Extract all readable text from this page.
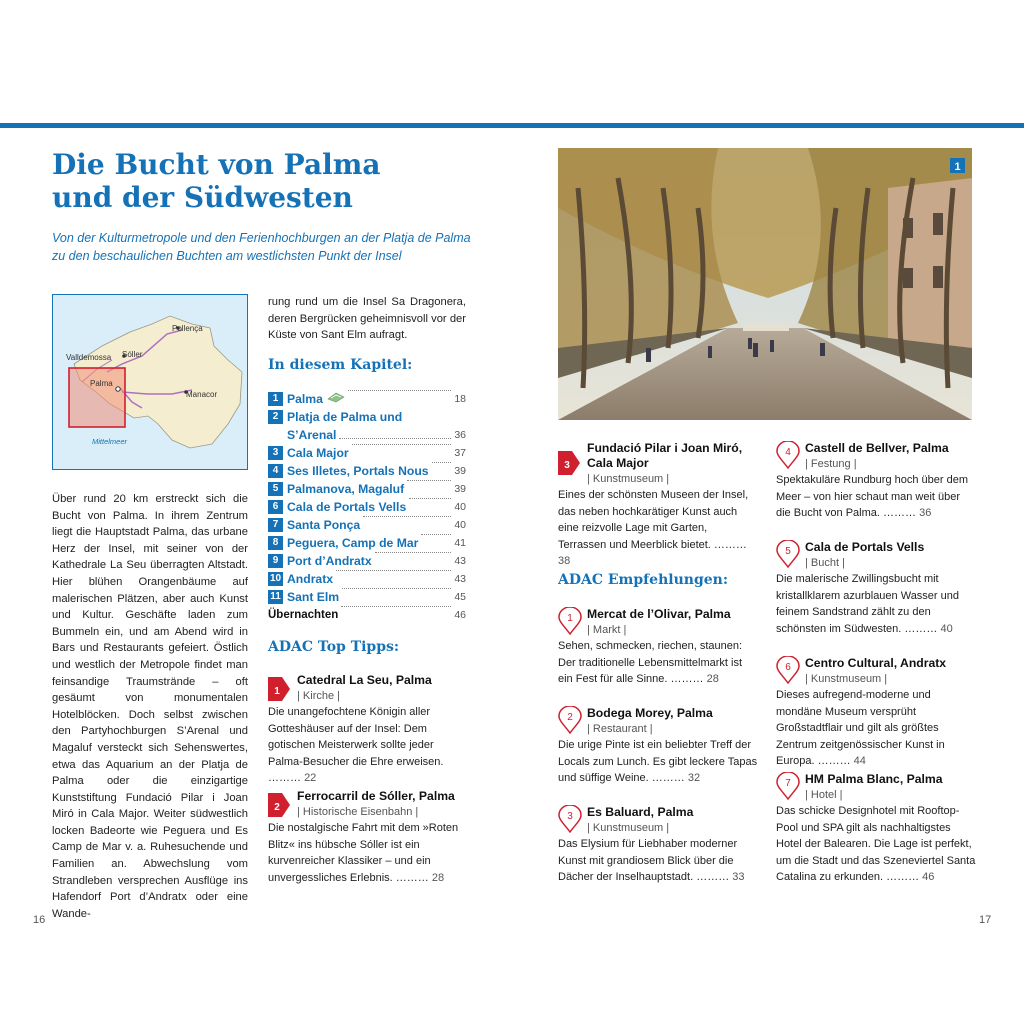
Die Bucht von Palma
und der Südwesten

Von der Kulturmetropole und den Ferienhochburgen an der Platja de Palma zu den beschaulichen Buchten am westlichsten Punkt der Insel

Pollença
Valldemossa Sóller
Palma
Manacor
Mittelmeer

Über rund 20 km erstreckt sich die Bucht von Palma. In ihrem Zentrum liegt die Hauptstadt Palma, das urbane Herz der Insel, mit seiner von der Kathedrale La Seu überragten Altstadt. Hier blühen Orangenbäume auf malerischen Plätzen, aber auch Kunst und Kultur. Geschäfte laden zum Bummeln ein, und am Abend wird in Bars und Restaurants gefeiert. Östlich und westlich der Metropole findet man feinsandige Traumstrände – oft gesäumt von monumentalen Hotelblöcken. Doch selbst zwischen den Partyhochburgen S’Arenal und Magaluf versteckt sich Sehenswertes, etwa das Aquarium an der Platja de Palma oder die einzigartige Kunststiftung Fundació Pilar i Joan Miró in Cala Major. Weiter südwestlich locken Badeorte wie Peguera und Es Camp de Mar v. a. Ruhesuchende und Familien an. Abwechslung vom Strandleben versprechen Ausflüge ins Hafendorf Port d’Andratx oder eine Wande-

rung rund um die Insel Sa Dragonera, deren Bergrücken geheimnisvoll vor der Küste von Sant Elm aufragt.

In diesem Kapitel:
1 Palma	18
2 Platja de Palma und
S’Arenal	36
3 Cala Major	37
4 Ses Illetes, Portals Nous 39
5 Palmanova, Magaluf	39
6 Cala de Portals Vells	40
7 Santa Ponça	40
8 Peguera, Camp de Mar	41
9 Port d’Andratx	43
10 Andratx	43
11 Sant Elm	45
Übernachten	46
ADAC Top Tipps:
1
Catedral La Seu, Palma
| Kirche |
Die unangefochtene Königin aller Gotteshäuser auf der Insel: Dem gotischen Meisterwerk sollte jeder Palma-Besucher die Ehre erweisen. ……… 22
2
Ferrocarril de Sóller, Palma
| Historische Eisenbahn |
Die nostalgische Fahrt mit dem »Roten Blitz« ins hübsche Sóller ist ein kurvenreicher Klassiker – und ein unvergessliches Erlebnis. ……… 28
1
3
Fundació Pilar i Joan Miró, Cala Major
| Kunstmuseum |
Eines der schönsten Museen der Insel, das neben hochkarätiger Kunst auch eine reizvolle Lage mit Garten, Terrassen und Meerblick bietet. ……… 38
ADAC Empfehlungen:
1 Mercat de l’Olivar, Palma
| Markt |
Sehen, schmecken, riechen, staunen: Der traditionelle Lebensmittelmarkt ist ein Fest für alle Sinne. ……… 28
2 Bodega Morey, Palma
| Restaurant |
Die urige Pinte ist ein beliebter Treff der Locals zum Lunch. Es gibt leckere Tapas und süffige Weine. ……… 32
3 Es Baluard, Palma
| Kunstmuseum |
Das Elysium für Liebhaber moderner Kunst mit grandiosem Blick über die Dächer der Inselhauptstadt. ……… 33
4 Castell de Bellver, Palma
| Festung |
Spektakuläre Rundburg hoch über dem Meer – von hier schaut man weit über die Bucht von Palma. ……… 36
5 Cala de Portals Vells
| Bucht |
Die malerische Zwillingsbucht mit kristallklarem azurblauen Wasser und feinem Sandstrand zählt zu den schönsten im Südwesten. ……… 40
6 Centro Cultural, Andratx
| Kunstmuseum |
Dieses aufregend-moderne und mondäne Museum versprüht Großstadtflair und gilt als größtes Zentrum zeitgenössischer Kunst in Europa. ……… 44
7 HM Palma Blanc, Palma
| Hotel |
Das schicke Designhotel mit Rooftop-Pool und SPA gilt als nachhaltigstes Hotel der Balearen. Die Lage ist perfekt, um die Stadt und das Szeneviertel Santa Catalina zu erkunden. ……… 46
16	17
